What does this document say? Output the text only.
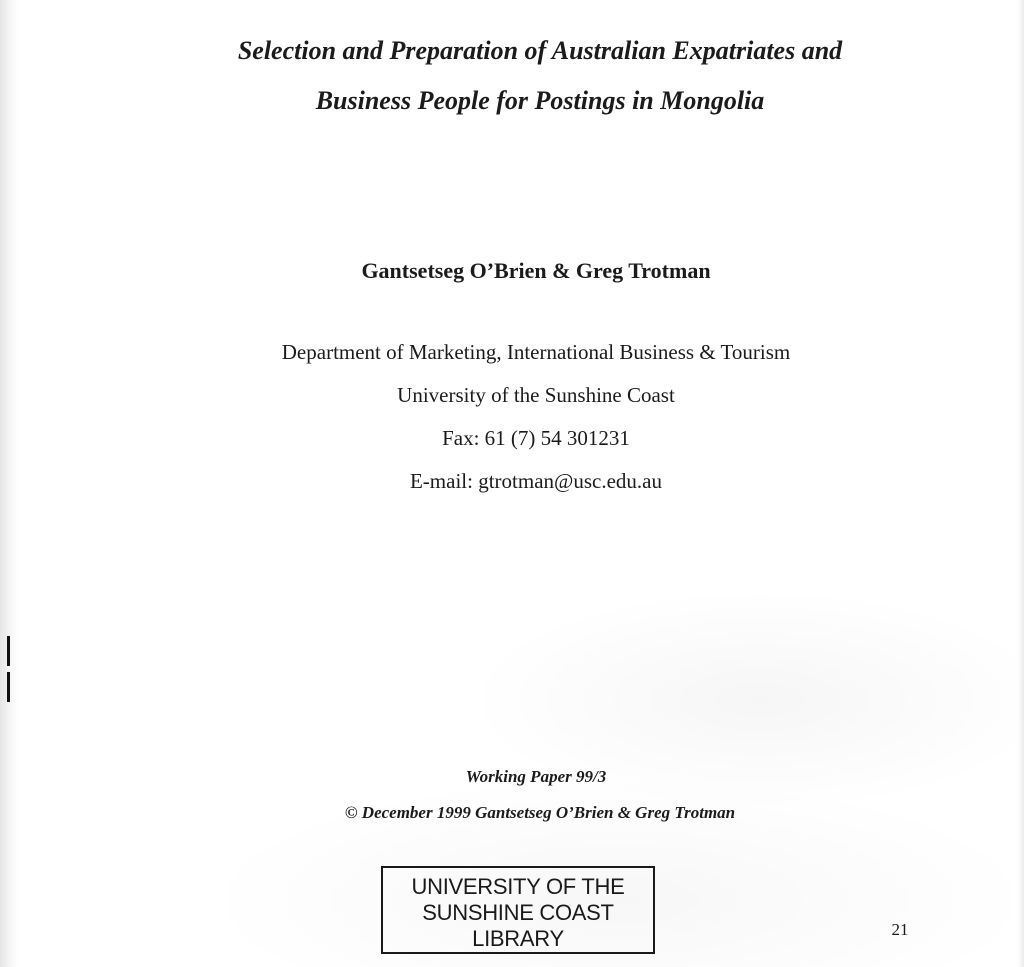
Selection and Preparation of Australian Expatriates and
Business People for Postings in Mongolia
Gantsetseg O’Brien & Greg Trotman
Department of Marketing, International Business & Tourism
University of the Sunshine Coast
Fax: 61 (7) 54 301231
E-mail: gtrotman@usc.edu.au
Working Paper 99/3
© December 1999 Gantsetseg O’Brien & Greg Trotman
UNIVERSITY OF THE
SUNSHINE COAST
LIBRARY	21
